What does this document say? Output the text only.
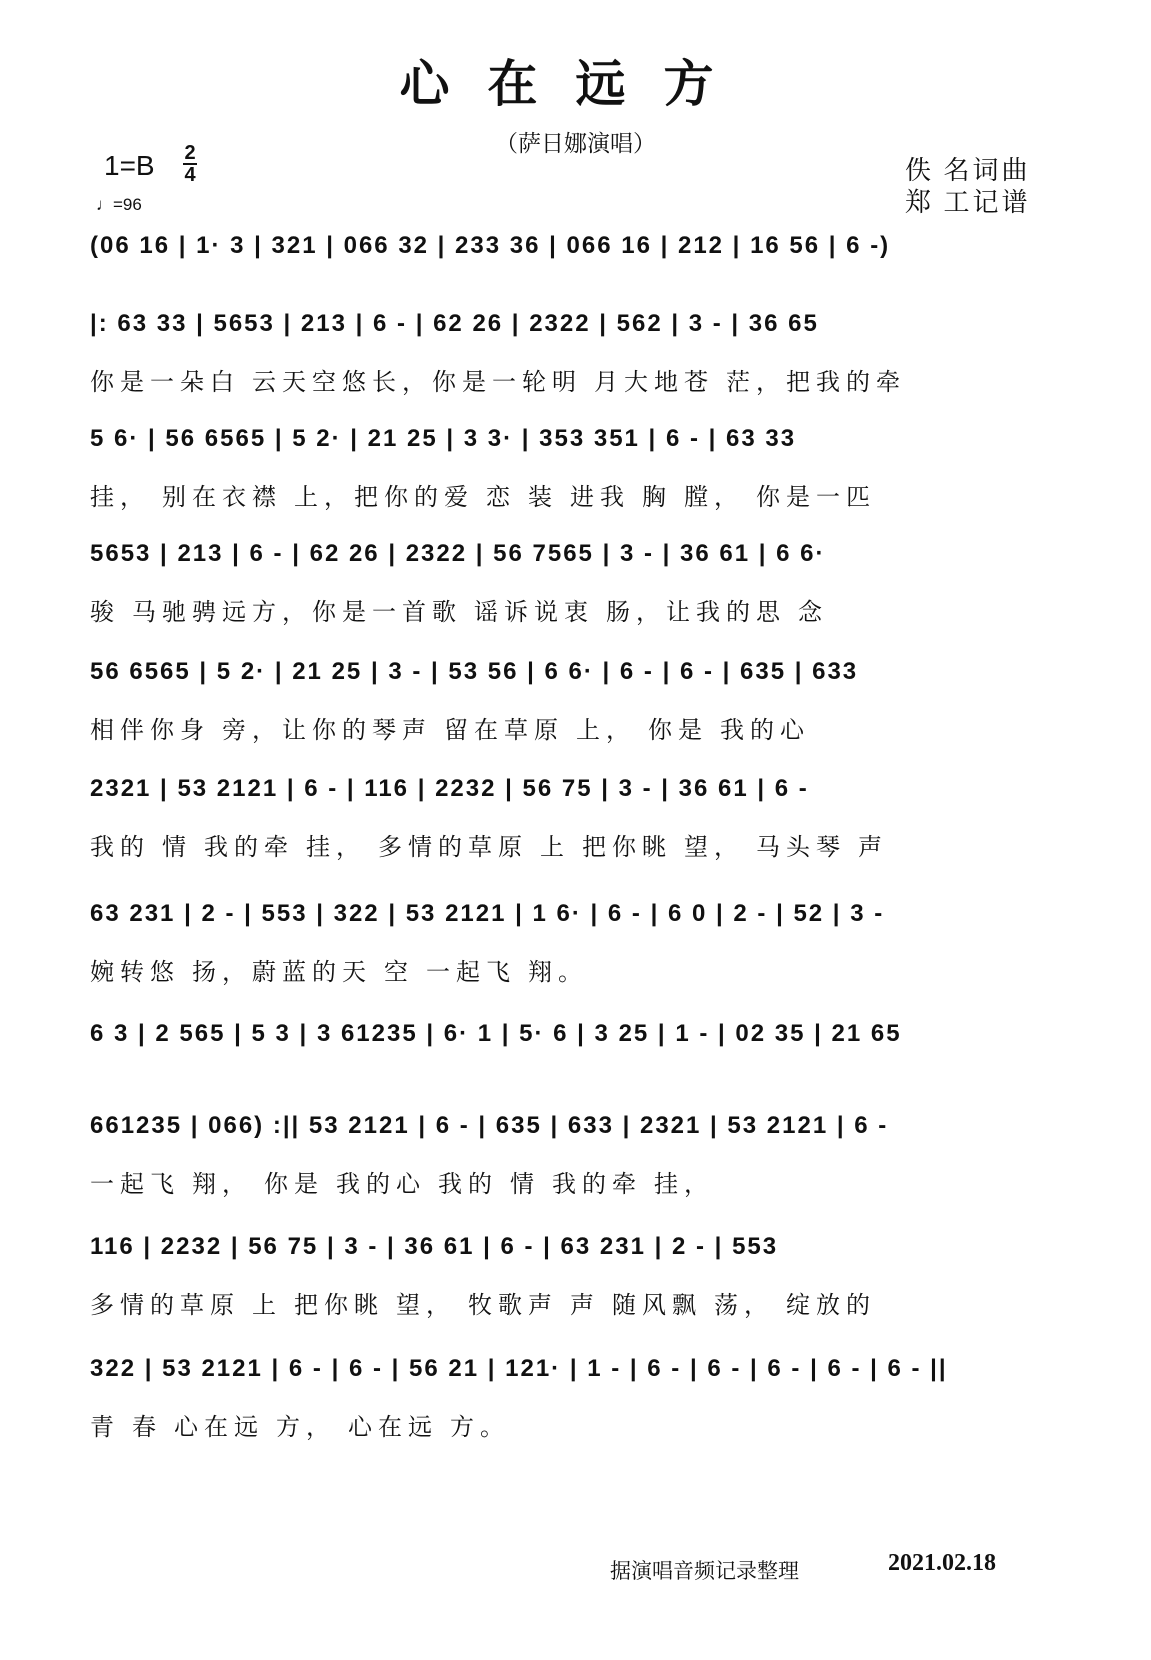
心在远方
（萨日娜演唱）
1=B 2
4
♩=96
佚 名词曲
郑 工记谱
(06 16 | 1· 3 | 321 | 066 32 | 233 36 | 066 16 | 212 | 16 56 | 6 -)
|: 63 33 | 5653 | 213 | 6 - | 62 26 | 2322 | 562 | 3 - | 36 65
你是一朵白 云天空悠长，你是一轮明 月大地苍 茫，把我的牵
5 6· | 56 6565 | 5 2· | 21 25 | 3 3· | 353 351 | 6 - | 63 33
挂， 别在衣襟 上，把你的爱 恋 装 进我 胸 膛， 你是一匹
5653 | 213 | 6 - | 62 26 | 2322 | 56 7565 | 3 - | 36 61 | 6 6·
骏 马驰骋远方，你是一首歌 谣诉说衷 肠，让我的思 念
56 6565 | 5 2· | 21 25 | 3 - | 53 56 | 6 6· | 6 - | 6 - | 635 | 633
相伴你身 旁，让你的琴声 留在草原 上， 你是 我的心
2321 | 53 2121 | 6 - | 116 | 2232 | 56 75 | 3 - | 36 61 | 6 -
我的 情 我的牵 挂， 多情的草原 上 把你眺 望， 马头琴 声
63 231 | 2 - | 553 | 322 | 53 2121 | 1 6· | 6 - | 6 0 | 2 - | 52 | 3 -
婉转悠 扬，蔚蓝的天 空 一起飞 翔。
6 3 | 2 565 | 5 3 | 3 61235 | 6· 1 | 5· 6 | 3 25 | 1 - | 02 35 | 21 65
661235 | 066) :|| 53 2121 | 6 - | 635 | 633 | 2321 | 53 2121 | 6 -
一起飞 翔， 你是 我的心 我的 情 我的牵 挂，
116 | 2232 | 56 75 | 3 - | 36 61 | 6 - | 63 231 | 2 - | 553
多情的草原 上 把你眺 望， 牧歌声 声 随风飘 荡， 绽放的
322 | 53 2121 | 6 - | 6 - | 56 21 | 121· | 1 - | 6 - | 6 - | 6 - | 6 - | 6 - ||
青 春 心在远 方， 心在远 方。
据演唱音频记录整理	2021.02.18
